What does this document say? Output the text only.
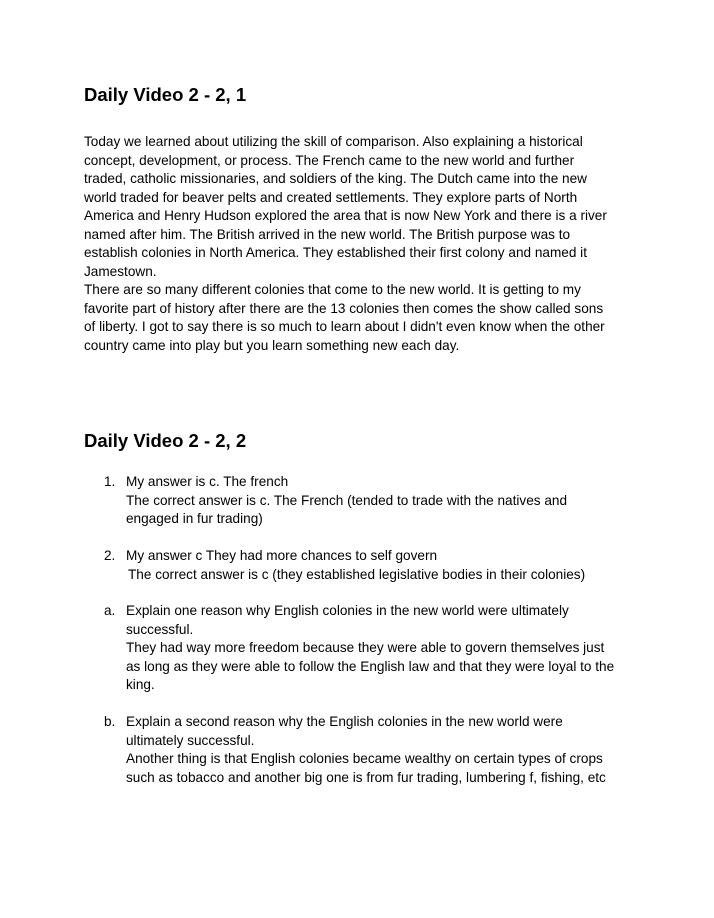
Daily Video 2 - 2, 1
Today we learned about utilizing the skill of comparison. Also explaining a historical
concept, development, or process. The French came to the new world and further
traded, catholic missionaries, and soldiers of the king. The Dutch came into the new
world traded for beaver pelts and created settlements. They explore parts of North
America and Henry Hudson explored the area that is now New York and there is a river
named after him. The British arrived in the new world. The British purpose was to
establish colonies in North America. They established their first colony and named it
Jamestown.
There are so many different colonies that come to the new world. It is getting to my
favorite part of history after there are the 13 colonies then comes the show called sons
of liberty. I got to say there is so much to learn about I didn't even know when the other
country came into play but you learn something new each day.
Daily Video 2 - 2, 2
1. My answer is c. The french
The correct answer is c. The French (tended to trade with the natives and
engaged in fur trading)
2. My answer c They had more chances to self govern
The correct answer is c (they established legislative bodies in their colonies)
a. Explain one reason why English colonies in the new world were ultimately
successful.
They had way more freedom because they were able to govern themselves just
as long as they were able to follow the English law and that they were loyal to the
king.
b. Explain a second reason why the English colonies in the new world were
ultimately successful.
Another thing is that English colonies became wealthy on certain types of crops
such as tobacco and another big one is from fur trading, lumbering f, fishing, etc
